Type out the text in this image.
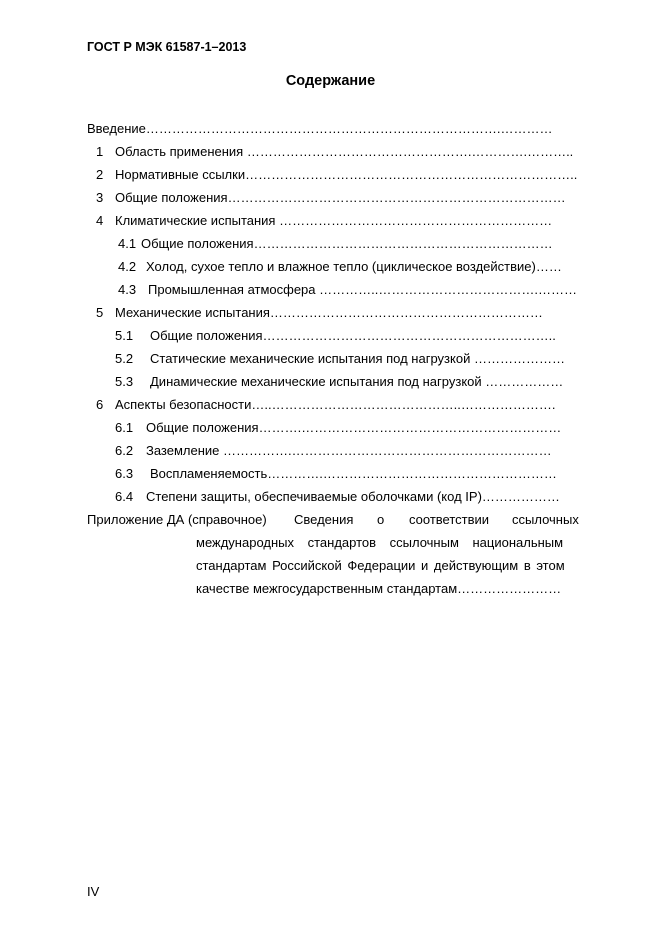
ГОСТ Р МЭК 61587-1–2013
Содержание
Введение……………………………………………………………………….…………
1 Область применения …………………………………………….………….………..
2 Нормативные ссылки…………………………………………………………………..
3 Общие положения……………………………………………………………………
4 Климатические испытания ………………………………………………………
4.1 Общие положения……………………………………………………………
4.2 Холод, сухое тепло и влажное тепло (циклическое воздействие)……
4.3 Промышленная атмосфера …………..……………………………….………
5 Механические испытания………………………………………………………
5.1 Общие положения…………………………………………………………..
5.2 Статические механические испытания под нагрузкой …………………
5.3 Динамические механические испытания под нагрузкой ………………
6 Аспекты безопасности…..……………………………………..………………….
6.1 Общие положения……….……………………………………………………
6.2 Заземление …………….……………………………………………………
6.3 Воспламеняемость………….………………………………………………
6.4 Степени защиты, обеспечиваемые оболочками (код IP)………………
Приложение ДА (справочное) Сведения о соответствии ссылочных
международных стандартов ссылочным национальным
стандартам Российской Федерации и действующим в этом
качестве межгосударственным стандартам……………………
IV
